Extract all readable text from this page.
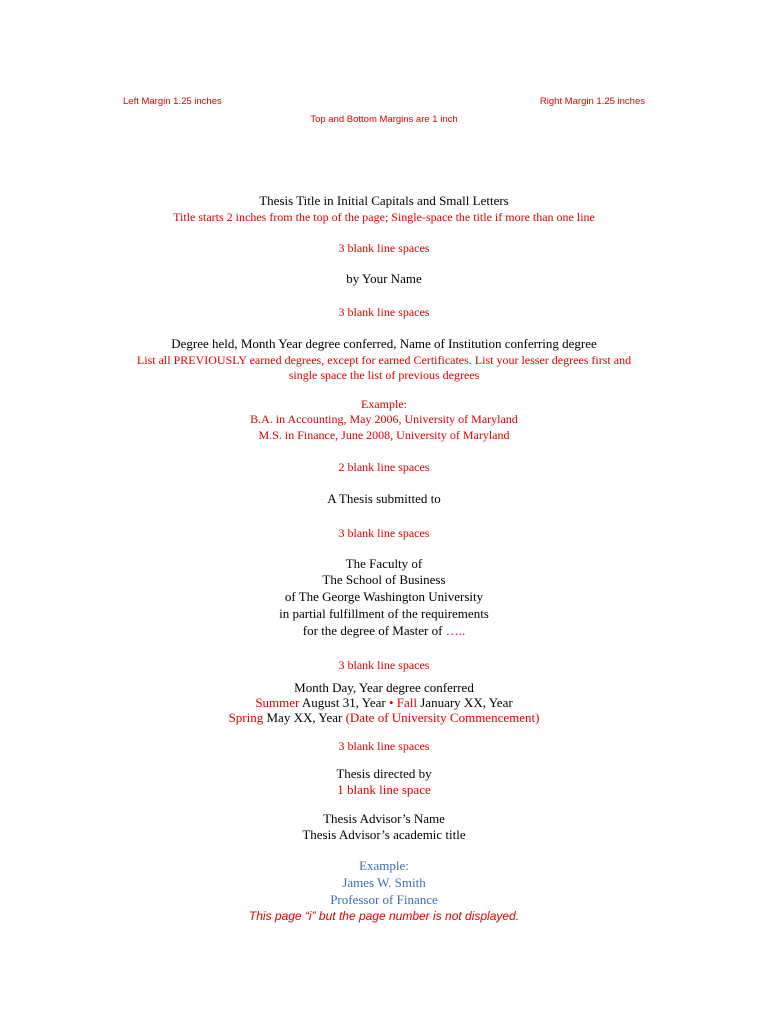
Left Margin 1.25 inches	Right Margin 1.25 inches
Top and Bottom Margins are 1 inch
Thesis Title in Initial Capitals and Small Letters
Title starts 2 inches from the top of the page; Single-space the title if more than one line
3 blank line spaces
by Your Name
3 blank line spaces
Degree held, Month Year degree conferred, Name of Institution conferring degree
List all PREVIOUSLY earned degrees, except for earned Certificates. List your lesser degrees first and
single space the list of previous degrees
Example:
B.A. in Accounting, May 2006, University of Maryland
M.S. in Finance, June 2008, University of Maryland
2 blank line spaces
A Thesis submitted to
3 blank line spaces
The Faculty of
The School of Business
of The George Washington University
in partial fulfillment of the requirements
for the degree of Master of …..
3 blank line spaces
Month Day, Year degree conferred
Summer August 31, Year • Fall January XX, Year
Spring May XX, Year (Date of University Commencement)
3 blank line spaces
Thesis directed by
1 blank line space
Thesis Advisor’s Name
Thesis Advisor’s academic title
Example:
James W. Smith
Professor of Finance
This page “i” but the page number is not displayed.
